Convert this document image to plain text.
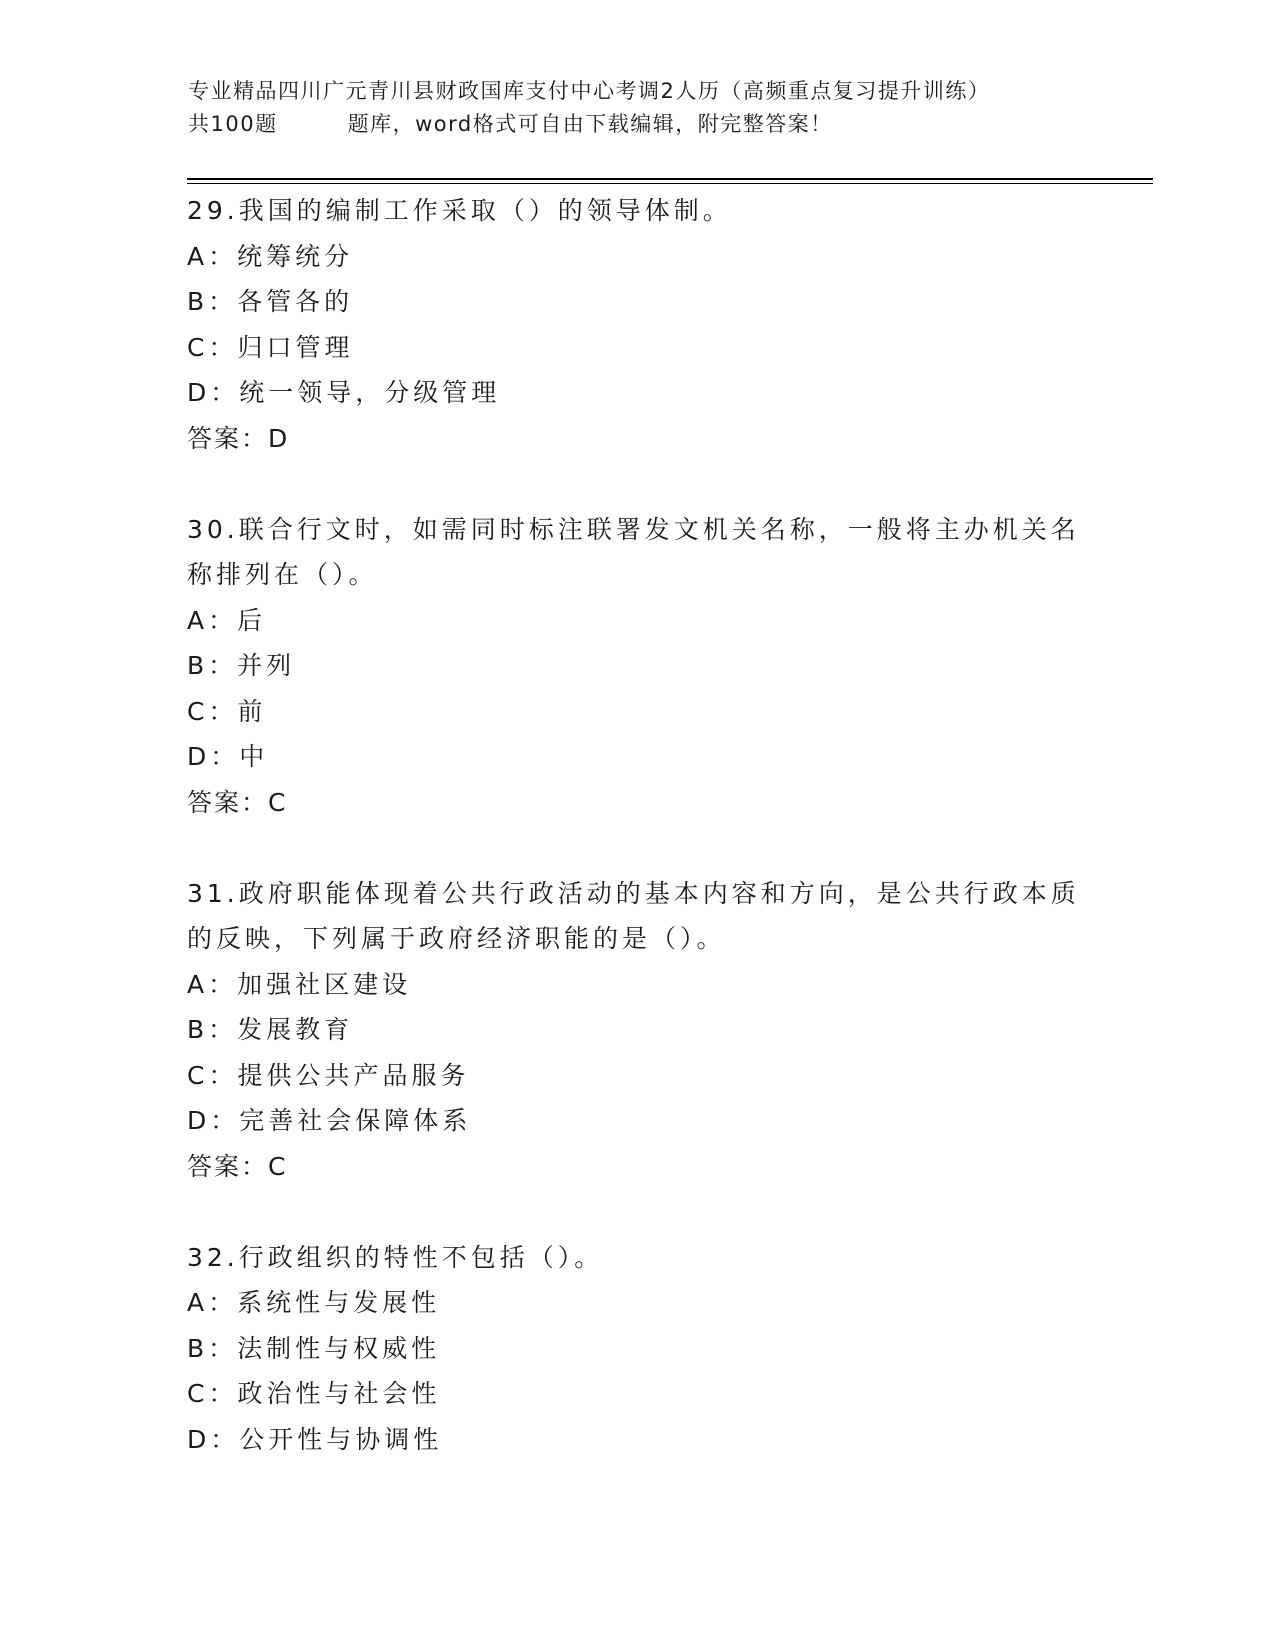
专业精品四川广元青川县财政国库支付中心考调2人历（高频重点复习提升训练）
共100题	题库，word格式可自由下载编辑，附完整答案！

29.我国的编制工作采取（）的领导体制。

A：统筹统分

B：各管各的

C：归口管理

D：统一领导，分级管理

答案：D

30.联合行文时，如需同时标注联署发文机关名称，一般将主办机关名称排列在（）。

A：后

B：并列

C：前

D：中

答案：C

31.政府职能体现着公共行政活动的基本内容和方向，是公共行政本质的反映，下列属于政府经济职能的是（）。

A：加强社区建设

B：发展教育

C：提供公共产品服务

D：完善社会保障体系

答案：C

32.行政组织的特性不包括（）。

A：系统性与发展性

B：法制性与权威性

C：政治性与社会性

D：公开性与协调性
